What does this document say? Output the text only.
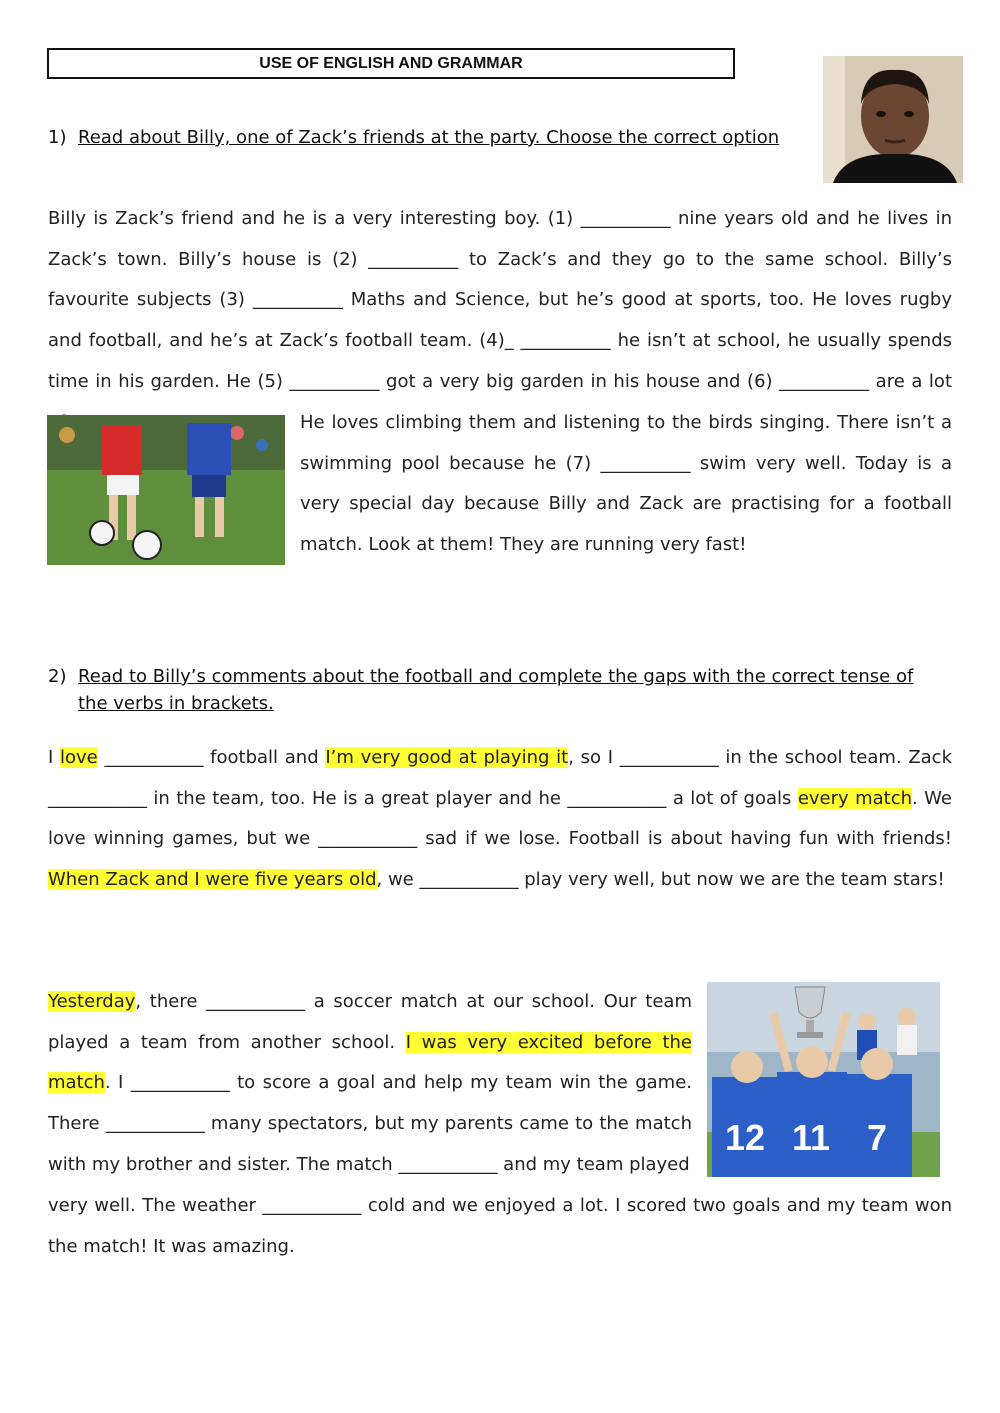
USE OF ENGLISH AND GRAMMAR
1) Read about Billy, one of Zack’s friends at the party. Choose the correct option
Billy is Zack’s friend and he is a very interesting boy. (1) __________ nine years old and he lives in Zack’s town. Billy’s house is (2) __________ to Zack’s and they go to the same school. Billy’s favourite subjects (3) __________ Maths and Science, but he’s good at sports, too. He loves rugby and football, and he’s at Zack’s football team. (4)_ __________ he isn’t at school, he usually spends time in his garden. He (5) __________ got a very big garden in his house and (6) __________ are a lot
He loves climbing them and listening to the birds singing. There isn’t a swimming pool because he (7) __________ swim very well. Today is a very special day because Billy and Zack are practising for a football match. Look at them! They are running very fast!
2) Read to Billy’s comments about the football and complete the gaps with the correct tense of
the verbs in brackets.
I love ___________ football and I’m very good at playing it, so I ___________ in the school team. Zack ___________ in the team, too. He is a great player and he ___________ a lot of goals every match. We love winning games, but we ___________ sad if we lose. Football is about having fun with friends! When Zack and I were five years old, we ___________ play very well, but now we are the team stars!
Yesterday, there ___________ a soccer match at our school. Our team played a team from another school. I was very excited before the match. I ___________ to score a goal and help my team win the game. There ___________ many spectators, but my parents came to the match with my brother and sister. The match ___________ and my team played
12 11 7
very well. The weather ___________ cold and we enjoyed a lot. I scored two goals and my team won the match! It was amazing.
